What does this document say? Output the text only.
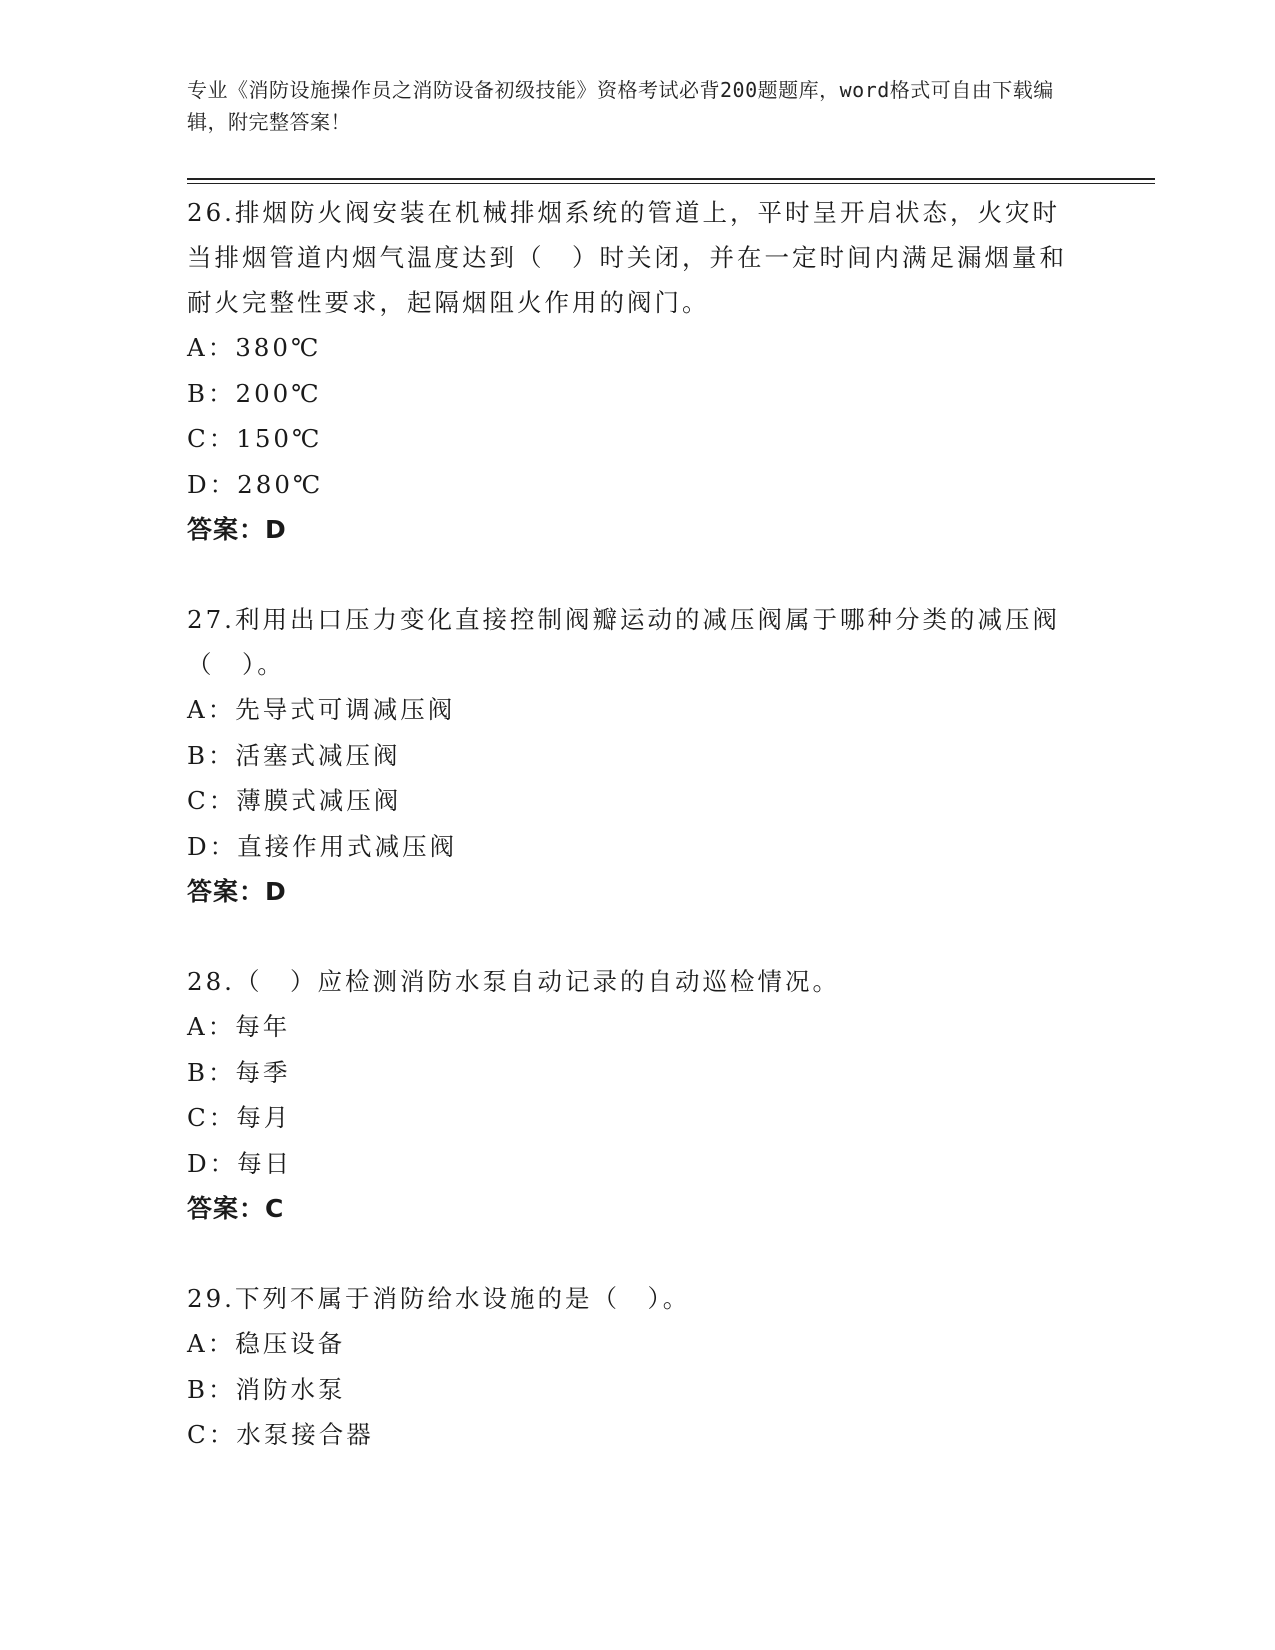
专业《消防设施操作员之消防设备初级技能》资格考试必背200题题库，word格式可自由下载编辑，附完整答案！

26.排烟防火阀安装在机械排烟系统的管道上，平时呈开启状态，火灾时当排烟管道内烟气温度达到（　）时关闭，并在一定时间内满足漏烟量和耐火完整性要求，起隔烟阻火作用的阀门。

A：380℃

B：200℃

C：150℃

D：280℃

答案：D

27.利用出口压力变化直接控制阀瓣运动的减压阀属于哪种分类的减压阀（　）。

A：先导式可调减压阀

B：活塞式减压阀

C：薄膜式减压阀

D：直接作用式减压阀

答案：D

28.（　）应检测消防水泵自动记录的自动巡检情况。

A：每年

B：每季

C：每月

D：每日

答案：C

29.下列不属于消防给水设施的是（　）。

A：稳压设备

B：消防水泵

C：水泵接合器
